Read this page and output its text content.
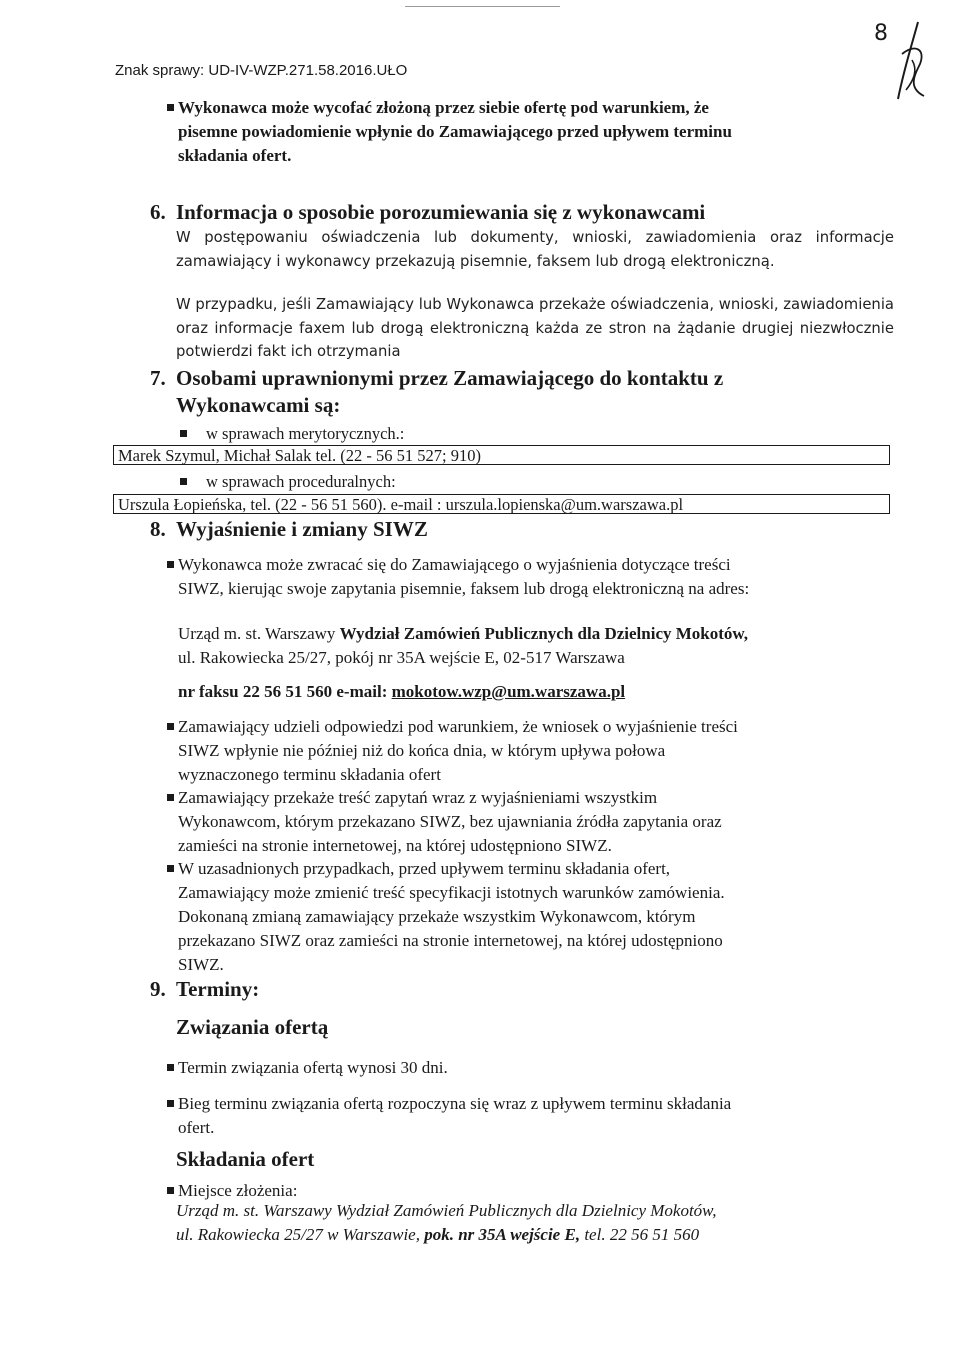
8
Znak sprawy: UD-IV-WZP.271.58.2016.UŁO
Wykonawca może wycofać złożoną przez siebie ofertę pod warunkiem, że
pisemne powiadomienie wpłynie do Zamawiającego przed upływem terminu
składania ofert.
6. Informacja o sposobie porozumiewania się z wykonawcami
W postępowaniu oświadczenia lub dokumenty, wnioski, zawiadomienia oraz informacje zamawiający i wykonawcy przekazują pisemnie, faksem lub drogą elektroniczną.
W przypadku, jeśli Zamawiający lub Wykonawca przekaże oświadczenia, wnioski, zawiadomienia oraz informacje faxem lub drogą elektroniczną każda ze stron na żądanie drugiej niezwłocznie potwierdzi fakt ich otrzymania
7. Osobami uprawnionymi przez Zamawiającego do kontaktu z
Wykonawcami są:
w sprawach merytorycznych.:
Marek Szymul, Michał Salak tel. (22 - 56 51 527; 910)
w sprawach proceduralnych:
Urszula Łopieńska, tel. (22 - 56 51 560). e-mail : urszula.lopienska@um.warszawa.pl
8. Wyjaśnienie i zmiany SIWZ
Wykonawca może zwracać się do Zamawiającego o wyjaśnienia dotyczące treści
SIWZ, kierując swoje zapytania pisemnie, faksem lub drogą elektroniczną na adres:
Urząd m. st. Warszawy Wydział Zamówień Publicznych dla Dzielnicy Mokotów,
ul. Rakowiecka 25/27, pokój nr 35A wejście E, 02-517 Warszawa
nr faksu 22 56 51 560 e-mail: mokotow.wzp@um.warszawa.pl
Zamawiający udzieli odpowiedzi pod warunkiem, że wniosek o wyjaśnienie treści
SIWZ wpłynie nie później niż do końca dnia, w którym upływa połowa
wyznaczonego terminu składania ofert
Zamawiający przekaże treść zapytań wraz z wyjaśnieniami wszystkim
Wykonawcom, którym przekazano SIWZ, bez ujawniania źródła zapytania oraz
zamieści na stronie internetowej, na której udostępniono SIWZ.
W uzasadnionych przypadkach, przed upływem terminu składania ofert,
Zamawiający może zmienić treść specyfikacji istotnych warunków zamówienia.
Dokonaną zmianą zamawiający przekaże wszystkim Wykonawcom, którym
przekazano SIWZ oraz zamieści na stronie internetowej, na której udostępniono
SIWZ.
9. Terminy:
Związania ofertą
Termin związania ofertą wynosi 30 dni.
Bieg terminu związania ofertą rozpoczyna się wraz z upływem terminu składania
ofert.
Składania ofert
Miejsce złożenia:
Urząd m. st. Warszawy Wydział Zamówień Publicznych dla Dzielnicy Mokotów,
ul. Rakowiecka 25/27 w Warszawie, pok. nr 35A wejście E, tel. 22 56 51 560
